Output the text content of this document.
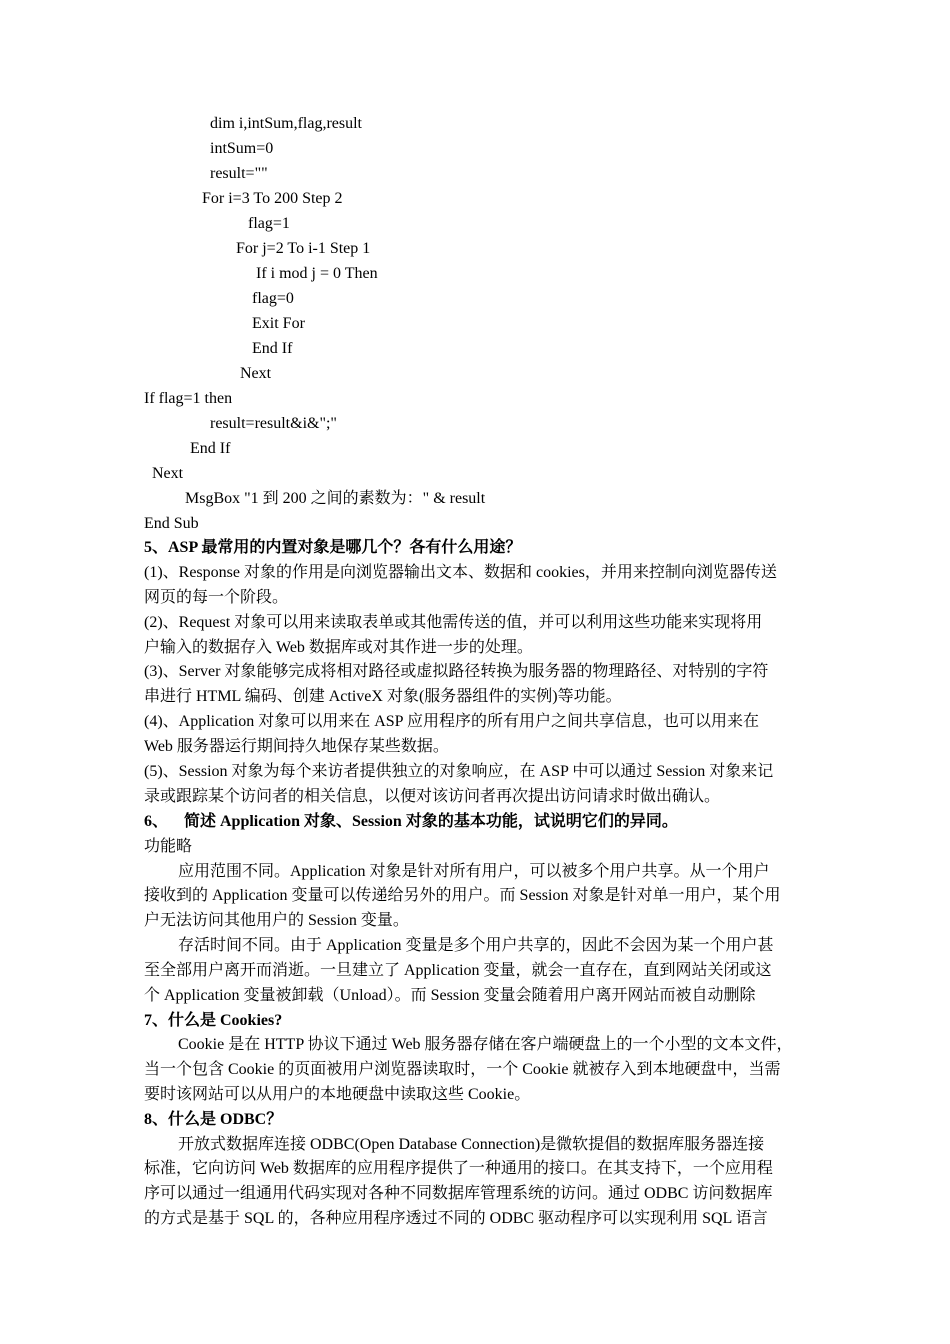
dim i,intSum,flag,result
intSum=0
result=""
For i=3 To 200 Step 2
flag=1
For j=2 To i-1 Step 1
If i mod j = 0 Then
flag=0
Exit For
End If
Next
If flag=1 then
result=result&i&";"
End If
Next
MsgBox "1 到 200 之间的素数为：" & result
End Sub
5、ASP 最常用的内置对象是哪几个？各有什么用途？
(1)、Response 对象的作用是向浏览器输出文本、数据和 cookies，并用来控制向浏览器传送
网页的每一个阶段。
(2)、Request 对象可以用来读取表单或其他需传送的值，并可以利用这些功能来实现将用
户输入的数据存入 Web 数据库或对其作进一步的处理。
(3)、Server 对象能够完成将相对路径或虚拟路径转换为服务器的物理路径、对特别的字符
串进行 HTML 编码、创建 ActiveX 对象(服务器组件的实例)等功能。
(4)、Application 对象可以用来在 ASP 应用程序的所有用户之间共享信息，也可以用来在
Web 服务器运行期间持久地保存某些数据。
(5)、Session 对象为每个来访者提供独立的对象响应，在 ASP 中可以通过 Session 对象来记
录或跟踪某个访问者的相关信息，以便对该访问者再次提出访问请求时做出确认。
6、    简述 Application 对象、Session 对象的基本功能，试说明它们的异同。
功能略
应用范围不同。Application 对象是针对所有用户，可以被多个用户共享。从一个用户
接收到的 Application 变量可以传递给另外的用户。而 Session 对象是针对单一用户，某个用
户无法访问其他用户的 Session 变量。
存活时间不同。由于 Application 变量是多个用户共享的，因此不会因为某一个用户甚
至全部用户离开而消逝。一旦建立了 Application 变量，就会一直存在，直到网站关闭或这
个 Application 变量被卸载（Unload）。而 Session 变量会随着用户离开网站而被自动删除
7、什么是 Cookies?
Cookie 是在 HTTP 协议下通过 Web 服务器存储在客户端硬盘上的一个小型的文本文件，
当一个包含 Cookie 的页面被用户浏览器读取时，一个 Cookie 就被存入到本地硬盘中，当需
要时该网站可以从用户的本地硬盘中读取这些 Cookie。
8、什么是 ODBC？
开放式数据库连接 ODBC(Open Database Connection)是微软提倡的数据库服务器连接
标准，它向访问 Web 数据库的应用程序提供了一种通用的接口。在其支持下，一个应用程
序可以通过一组通用代码实现对各种不同数据库管理系统的访问。通过 ODBC 访问数据库
的方式是基于 SQL 的，各种应用程序透过不同的 ODBC 驱动程序可以实现利用 SQL 语言
